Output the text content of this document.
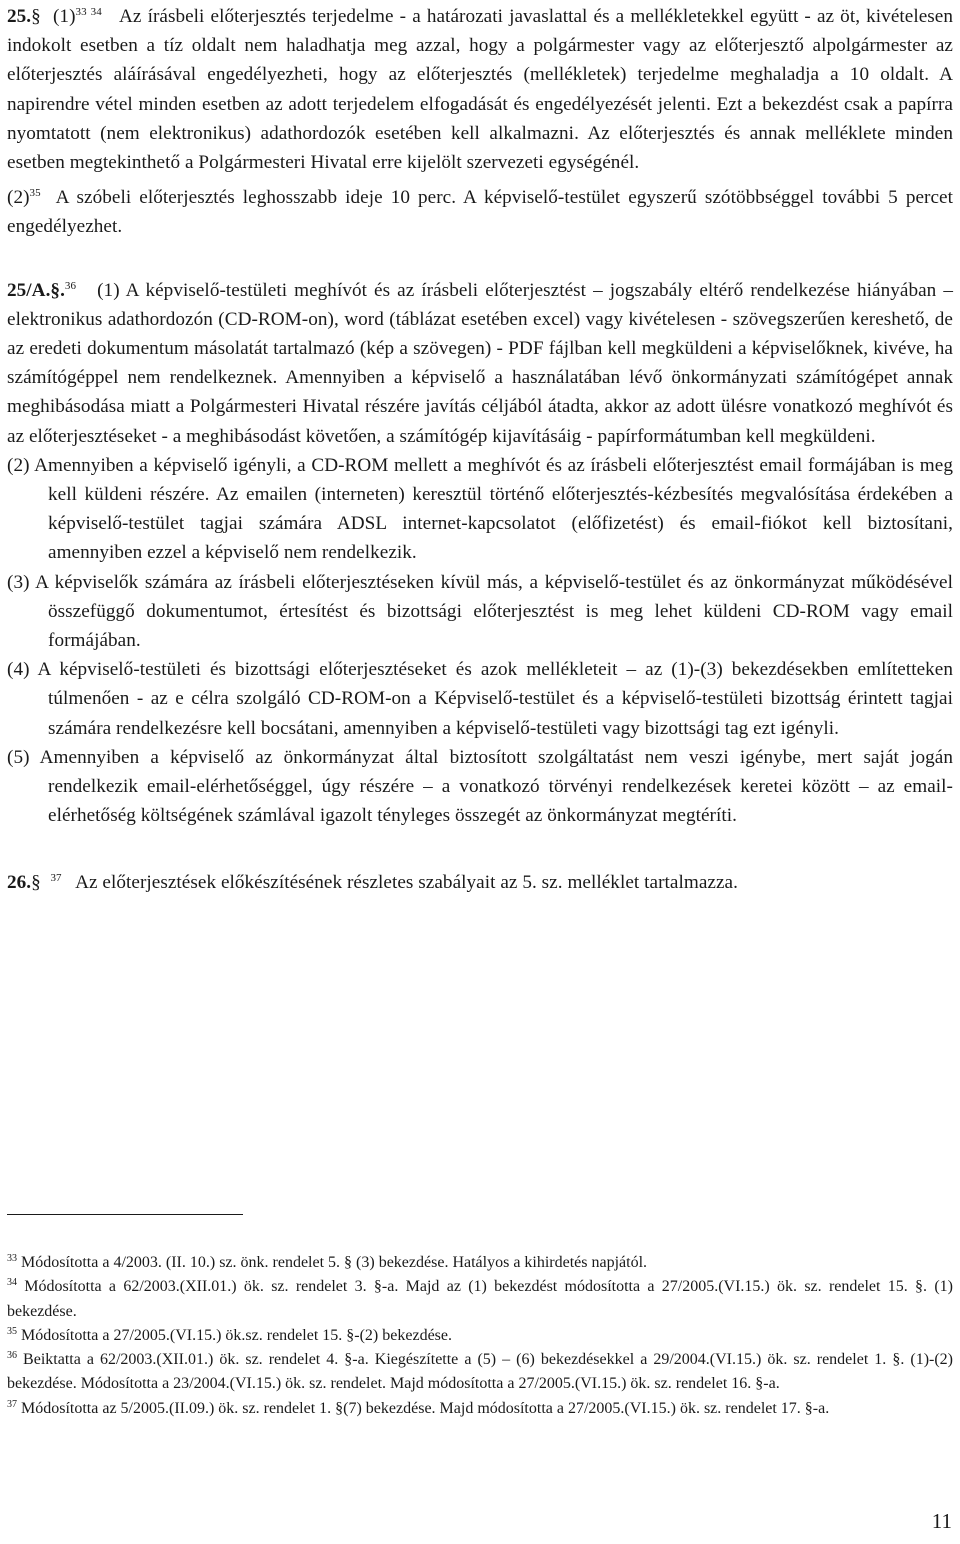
25.§ $(1)^{33 34}$ Az írásbeli előterjesztés terjedelme - a határozati javaslattal és a mellékletekkel együtt - az öt, kivételesen indokolt esetben a tíz oldalt nem haladhatja meg azzal, hogy a polgármester vagy az előterjesztő alpolgármester az előterjesztés aláírásával engedélyezheti, hogy az előterjesztés (mellékletek) terjedelme meghaladja a 10 oldalt. A napirendre vétel minden esetben az adott terjedelem elfogadását és engedélyezését jelenti. Ezt a bekezdést csak a papírra nyomtatott (nem elektronikus) adathordozók esetében kell alkalmazni. Az előterjesztés és annak melléklete minden esetben megtekinthető a Polgármesteri Hivatal erre kijelölt szervezeti egységénél.

$(2)^{35}$ A szóbeli előterjesztés leghosszabb ideje 10 perc. A képviselő-testület egyszerű szótöbbséggel további 5 percet engedélyezhet.

25/A.§.$^{36}$ (1) A képviselő-testületi meghívót és az írásbeli előterjesztést – jogszabály eltérő rendelkezése hiányában – elektronikus adathordozón (CD-ROM-on), word (táblázat esetében excel) vagy kivételesen - szövegszerűen kereshető, de az eredeti dokumentum másolatát tartalmazó (kép a szövegen) - PDF fájlban kell megküldeni a képviselőknek, kivéve, ha számítógéppel nem rendelkeznek. Amennyiben a képviselő a használatában lévő önkormányzati számítógépet annak meghibásodása miatt a Polgármesteri Hivatal részére javítás céljából átadta, akkor az adott ülésre vonatkozó meghívót és az előterjesztéseket - a meghibásodást követően, a számítógép kijavításáig - papírformátumban kell megküldeni.

(2) Amennyiben a képviselő igényli, a CD-ROM mellett a meghívót és az írásbeli előterjesztést email formájában is meg kell küldeni részére. Az emailen (interneten) keresztül történő előterjesztés-kézbesítés megvalósítása érdekében a képviselő-testület tagjai számára ADSL internet-kapcsolatot (előfizetést) és email-fiókot kell biztosítani, amennyiben ezzel a képviselő nem rendelkezik.

(3) A képviselők számára az írásbeli előterjesztéseken kívül más, a képviselő-testület és az önkormányzat működésével összefüggő dokumentumot, értesítést és bizottsági előterjesztést is meg lehet küldeni CD-ROM vagy email formájában.

(4) A képviselő-testületi és bizottsági előterjesztéseket és azok mellékleteit – az (1)-(3) bekezdésekben említetteken túlmenően - az e célra szolgáló CD-ROM-on a Képviselő-testület és a képviselő-testületi bizottság érintett tagjai számára rendelkezésre kell bocsátani, amennyiben a képviselő-testületi vagy bizottsági tag ezt igényli.

(5) Amennyiben a képviselő az önkormányzat által biztosított szolgáltatást nem veszi igénybe, mert saját jogán rendelkezik email-elérhetőséggel, úgy részére – a vonatkozó törvényi rendelkezések keretei között – az email-elérhetőség költségének számlával igazolt tényleges összegét az önkormányzat megtéríti.

26.§ $^{37}$ Az előterjesztések előkészítésének részletes szabályait az 5. sz. melléklet tartalmazza.

$^{33}$ Módosította a 4/2003. (II. 10.) sz. önk. rendelet 5. § (3) bekezdése. Hatályos a kihirdetés napjától.

$^{34}$ Módosította a 62/2003.(XII.01.) ök. sz. rendelet 3. §-a. Majd az (1) bekezdést módosította a 27/2005.(VI.15.) ök. sz. rendelet 15. §. (1) bekezdése.

$^{35}$ Módosította a 27/2005.(VI.15.) ök.sz. rendelet 15. §-(2) bekezdése.

$^{36}$ Beiktatta a 62/2003.(XII.01.) ök. sz. rendelet 4. §-a. Kiegészítette a (5) – (6) bekezdésekkel a 29/2004.(VI.15.) ök. sz. rendelet 1. §. (1)-(2) bekezdése. Módosította a 23/2004.(VI.15.) ök. sz. rendelet. Majd módosította a 27/2005.(VI.15.) ök. sz. rendelet 16. §-a.

$^{37}$ Módosította az 5/2005.(II.09.) ök. sz. rendelet 1. §(7) bekezdése. Majd módosította a 27/2005.(VI.15.) ök. sz. rendelet 17. §-a.

11
